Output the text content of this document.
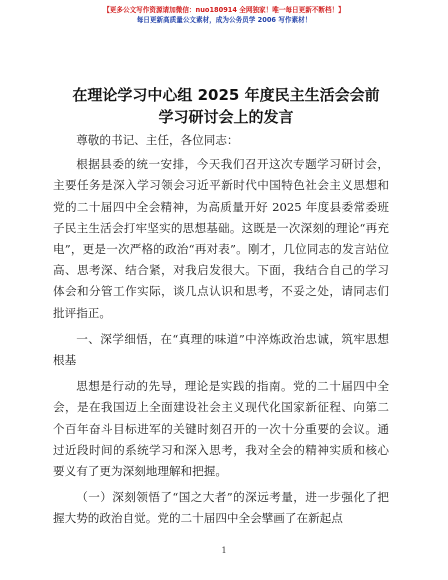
【更多公文写作资源请加微信：nuo180914 全网独家！唯一每日更新不断档！】
每日更新高质量公文素材，成为公务员学 2006 写作素材！
在理论学习中心组 2025 年度民主生活会会前学习研讨会上的发言

尊敬的书记、主任，各位同志：

根据县委的统一安排，今天我们召开这次专题学习研讨会，主要任务是深入学习领会习近平新时代中国特色社会主义思想和党的二十届四中全会精神，为高质量开好 2025 年度县委常委班子民主生活会打牢坚实的思想基础。这既是一次深刻的理论“再充电”，更是一次严格的政治“再对表”。刚才，几位同志的发言站位高、思考深、结合紧，对我启发很大。下面，我结合自己的学习体会和分管工作实际，谈几点认识和思考，不妥之处，请同志们批评指正。

一、深学细悟，在“真理的味道”中淬炼政治忠诚，筑牢思想根基

思想是行动的先导，理论是实践的指南。党的二十届四中全会，是在我国迈上全面建设社会主义现代化国家新征程、向第二个百年奋斗目标进军的关键时刻召开的一次十分重要的会议。通过近段时间的系统学习和深入思考，我对全会的精神实质和核心要义有了更为深刻地理解和把握。

（一）深刻领悟了“国之大者”的深远考量，进一步强化了把握大势的政治自觉。党的二十届四中全会擘画了在新起点

1
